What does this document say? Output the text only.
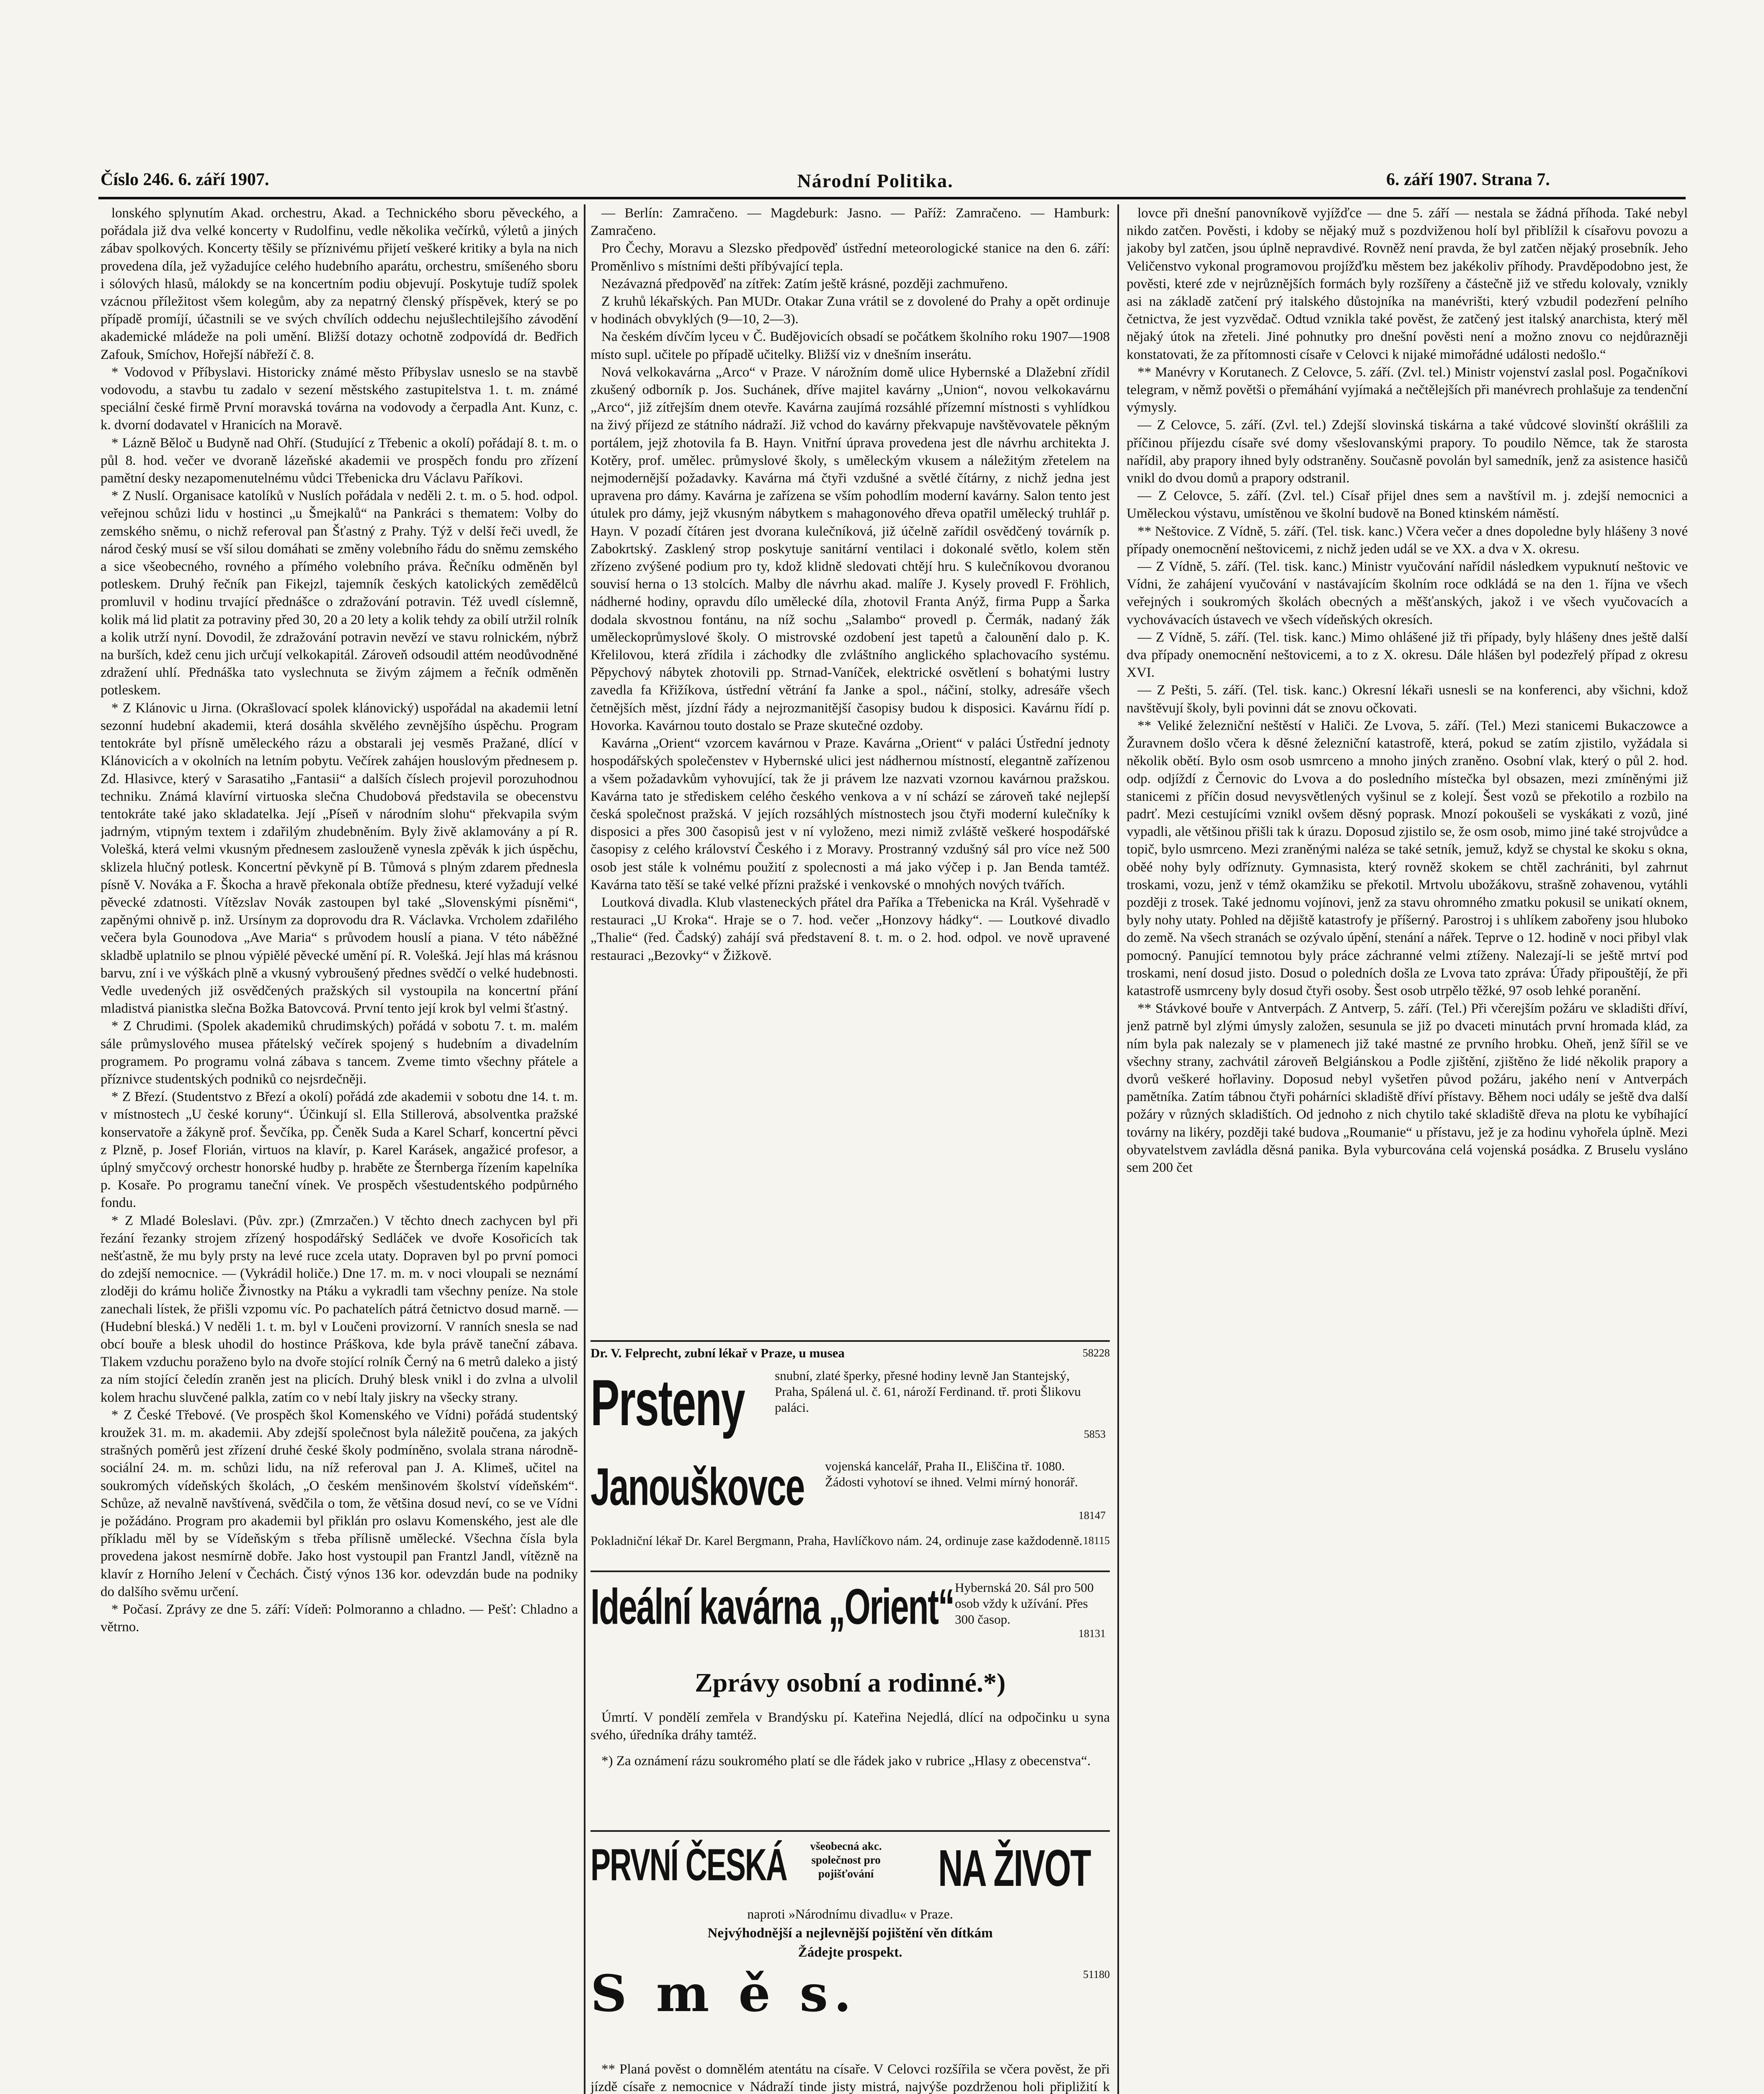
Číslo 246. 6. září 1907.	Národní Politika.	6. září 1907. Strana 7.

lonského splynutím Akad. orchestru, Akad. a Technického sboru pěveckého, a pořádala již dva velké koncerty v Rudolfinu, vedle několika večírků, výletů a jiných zábav spolkových. Koncerty těšily se příznivému přijetí veškeré kritiky a byla na nich provedena díla, jež vyžadujíce celého hudebního aparátu, orchestru, smíšeného sboru i sólových hlasů, málokdy se na koncertním podiu objevují. Poskytuje tudíž spolek vzácnou příležitost všem kolegům, aby za nepatrný členský příspěvek, který se po případě promíjí, účastnili se ve svých chvílích oddechu nejušlechtilejšího závodění akademické mládeže na poli umění. Bližší dotazy ochotně zodpovídá dr. Bedřich Zafouk, Smíchov, Hořejší nábřeží č. 8.

* Vodovod v Příbyslavi. Historicky známé město Příbyslav usneslo se na stavbě vodovodu, a stavbu tu zadalo v sezení městského zastupitelstva 1. t. m. známé speciální české firmě První moravská továrna na vodovody a čerpadla Ant. Kunz, c. k. dvorní dodavatel v Hranicích na Moravě.

* Lázně Běloč u Budyně nad Ohří. (Studující z Třebenic a okolí) pořádají 8. t. m. o půl 8. hod. večer ve dvoraně lázeňské akademii ve prospěch fondu pro zřízení pamětní desky nezapomenutelnému vůdci Třebenicka dru Václavu Paříkovi.

* Z Nuslí. Organisace katolíků v Nuslích pořádala v neděli 2. t. m. o 5. hod. odpol. veřejnou schůzi lidu v hostinci „u Šmejkalů“ na Pankráci s thematem: Volby do zemského sněmu, o nichž referoval pan Šťastný z Prahy. Týž v delší řeči uvedl, že národ český musí se vší silou domáhati se změny volebního řádu do sněmu zemského a sice všeobecného, rovného a přímého volebního práva. Řečníku odměněn byl potleskem. Druhý řečník pan Fikejzl, tajemník českých katolických zemědělců promluvil v hodinu trvající přednášce o zdražování potravin. Též uvedl císlemně, kolik má lid platit za potraviny před 30, 20 a 20 lety a kolik tehdy za obilí utržil rolník a kolik utrží nyní. Dovodil, že zdražování potravin nevězí ve stavu rolnickém, nýbrž na burších, kdež cenu jich určují velkokapitál. Zároveň odsoudil attém neodůvodněné zdražení uhlí. Přednáška tato vyslechnuta se živým zájmem a řečník odměněn potleskem.

* Z Klánovic u Jirna. (Okrašlovací spolek klánovický) uspořádal na akademii letní sezonní hudební akademii, která dosáhla skvělého zevnějšího úspěchu. Program tentokráte byl přísně uměleckého rázu a obstarali jej vesměs Pražané, dlící v Klánovicích a v okolních na letním pobytu. Večírek zahájen houslovým přednesem p. Zd. Hlasivce, který v Sarasatiho „Fantasii“ a dalších číslech projevil porozuhodnou techniku. Známá klavírní virtuoska slečna Chudobová představila se obecenstvu tentokráte také jako skladatelka. Její „Píseň v národním slohu“ překvapila svým jadrným, vtipným textem i zdařilým zhudebněním. Byly živě aklamovány a pí R. Volešká, která velmi vkusným přednesem zaslouženě vynesla zpěvák k jich úspěchu, sklizela hlučný potlesk. Koncertní pěvkyně pí B. Tůmová s plným zdarem přednesla písně V. Nováka a F. Škocha a hravě překonala obtíže přednesu, které vyžadují velké pěvecké zdatnosti. Vítězslav Novák zastoupen byl také „Slovenskými písněmi“, zapěnými ohnivě p. inž. Ursínym za doprovodu dra R. Václavka. Vrcholem zdařilého večera byla Gounodova „Ave Maria“ s průvodem houslí a piana. V této náběžné skladbě uplatnilo se plnou výpiělé pěvecké umění pí. R. Volešká. Její hlas má krásnou barvu, zní i ve výškách plně a vkusný vybroušený přednes svědčí o velké hudebnosti. Vedle uvedených již osvědčených pražských sil vystoupila na koncertní přání mladistvá pianistka slečna Božka Batovcová. První tento její krok byl velmi šťastný.

* Z Chrudimi. (Spolek akademiků chrudimských) pořádá v sobotu 7. t. m. malém sále průmyslového musea přátelský večírek spojený s hudebním a divadelním programem. Po programu volná zábava s tancem. Zveme timto všechny přátele a příznivce studentských podniků co nejsrdečněji.

* Z Březí. (Studentstvo z Březí a okolí) pořádá zde akademii v sobotu dne 14. t. m. v místnostech „U české koruny“. Účinkují sl. Ella Stillerová, absolventka pražské konservatoře a žákyně prof. Ševčíka, pp. Čeněk Suda a Karel Scharf, koncertní pěvci z Plzně, p. Josef Florián, virtuos na klavír, p. Karel Karásek, angažicé profesor, a úplný smyčcový orchestr honorské hudby p. hraběte ze Šternberga řízením kapelníka p. Kosaře. Po programu taneční vínek. Ve prospěch všestudentského podpůrného fondu.

* Z Mladé Boleslavi. (Pův. zpr.) (Zmrzačen.) V těchto dnech zachycen byl při řezání řezanky strojem zřízený hospodářský Sedláček ve dvoře Kosořicích tak nešťastně, že mu byly prsty na levé ruce zcela utaty. Dopraven byl po první pomoci do zdejší nemocnice. — (Vykrádil holiče.) Dne 17. m. m. v noci vloupali se neznámí zloději do krámu holiče Živnostky na Ptáku a vykradli tam všechny peníze. Na stole zanechali lístek, že přišli vzpomu víc. Po pachatelích pátrá četnictvo dosud marně. — (Hudební bleská.) V neděli 1. t. m. byl v Loučeni provizorní. V ranních snesla se nad obcí bouře a blesk uhodil do hostince Práškova, kde byla právě taneční zábava. Tlakem vzduchu poraženo bylo na dvoře stojící rolník Černý na 6 metrů daleko a jistý za ním stojící čeledín zraněn jest na plicích. Druhý blesk vnikl i do zvlna a ulvolil kolem hrachu sluvčené palkla, zatím co v nebí ltaly jiskry na všecky strany.

* Z České Třebové. (Ve prospěch škol Komenského ve Vídni) pořádá studentský kroužek 31. m. m. akademii. Aby zdejší společnost byla náležitě poučena, za jakých strašných poměrů jest zřízení druhé české školy podmíněno, svolala strana národně-sociální 24. m. m. schůzi lidu, na níž referoval pan J. A. Klimeš, učitel na soukromých vídeňských školách, „O českém menšinovém školství vídeňském“. Schůze, až nevalně navštívená, svědčila o tom, že většina dosud neví, co se ve Vídni je požádáno. Program pro akademii byl přiklán pro oslavu Komenského, jest ale dle příkladu měl by se Vídeňským s třeba přílisně umělecké. Všechna čísla byla provedena jakost nesmírně dobře. Jako host vystoupil pan Frantzl Jandl, vítězně na klavír z Horního Jelení v Čechách. Čistý výnos 136 kor. odevzdán bude na podniky do dalšího svěmu určení.

* Počasí. Zprávy ze dne 5. září: Vídeň: Polmoranno a chladno. — Pešť: Chladno a větrno.

— Berlín: Zamračeno. — Magdeburk: Jasno. — Paříž: Zamračeno. — Hamburk: Zamračeno.

Pro Čechy, Moravu a Slezsko předpověď ústřední meteorologické stanice na den 6. září: Proměnlivo s místními dešti příbývající tepla.

Nezávazná předpověď na zítřek: Zatím ještě krásné, později zachmuřeno.

Z kruhů lékařských. Pan MUDr. Otakar Zuna vrátil se z dovolené do Prahy a opět ordinuje v hodinách obvyklých (9—10, 2—3).

Na českém dívčím lyceu v Č. Budějovicích obsadí se počátkem školního roku 1907—1908 místo supl. učitele po případě učitelky. Bližší viz v dnešním inserátu.

Nová velkokavárna „Arco“ v Praze. V nárožním domě ulice Hybernské a Dlažební zřídil zkušený odborník p. Jos. Suchánek, dříve majitel kavárny „Union“, novou velkokavárnu „Arco“, již zítřejším dnem otevře. Kavárna zaujímá rozsáhlé přízemní místnosti s vyhlídkou na živý příjezd ze státního nádraží. Již vchod do kavárny překvapuje navštěvovatele pěkným portálem, jejž zhotovila fa B. Hayn. Vnitřní úprava provedena jest dle návrhu architekta J. Kotěry, prof. umělec. průmyslové školy, s uměleckým vkusem a náležitým zřetelem na nejmodernější požadavky. Kavárna má čtyři vzdušné a světlé čítárny, z nichž jedna jest upravena pro dámy. Kavárna je zařízena se vším pohodlím moderní kavárny. Salon tento jest útulek pro dámy, jejž vkusným nábytkem s mahagonového dřeva opatřil umělecký truhlář p. Hayn. V pozadí čítáren jest dvorana kulečníková, již účelně zařídil osvědčený továrník p. Zabokrtský. Zasklený strop poskytuje sanitární ventilaci i dokonalé světlo, kolem stěn zřízeno zvýšené podium pro ty, kdož klidně sledovati chtějí hru. S kulečníkovou dvoranou souvisí herna o 13 stolcích. Malby dle návrhu akad. malíře J. Kysely provedl F. Fröhlich, nádherné hodiny, opravdu dílo umělecké díla, zhotovil Franta Anýž, firma Pupp a Šarka dodala skvostnou fontánu, na níž sochu „Salambo“ provedl p. Čermák, nadaný žák uměleckoprůmyslové školy. O mistrovské ozdobení jest tapetů a čalounění dalo p. K. Křelilovou, která zřídila i záchodky dle zvláštního anglického splachovacího systému. Pěpychový nábytek zhotovili pp. Strnad-Vaníček, elektrické osvětlení s bohatými lustry zavedla fa Křižíkova, ústřední větrání fa Janke a spol., náčiní, stolky, adresáře všech četnějších měst, jízdní řády a nejrozmanitější časopisy budou k disposici. Kavárnu řídí p. Hovorka. Kavárnou touto dostalo se Praze skutečné ozdoby.

Kavárna „Orient“ vzorcem kavárnou v Praze. Kavárna „Orient“ v paláci Ústřední jednoty hospodářských společenstev v Hybernské ulici jest nádhernou místností, elegantně zařízenou a všem požadavkům vyhovující, tak že ji právem lze nazvati vzornou kavárnou pražskou. Kavárna tato je střediskem celého českého venkova a v ní schází se zároveň také nejlepší česká společnost pražská. V jejích rozsáhlých místnostech jsou čtyři moderní kulečníky k disposici a přes 300 časopisů jest v ní vyloženo, mezi nimiž zvláště veškeré hospodářské časopisy z celého království Českého i z Moravy. Prostranný vzdušný sál pro více než 500 osob jest stále k volnému použití z spolecnosti a má jako výčep i p. Jan Benda tamtéž. Kavárna tato těší se také velké přízni pražské i venkovské o mnohých nových tvářích.

Loutková divadla. Klub vlasteneckých přátel dra Paříka a Třebenicka na Král. Vyšehradě v restauraci „U Kroka“. Hraje se o 7. hod. večer „Honzovy hádky“. — Loutkové divadlo „Thalie“ (řed. Čadský) zahájí svá představení 8. t. m. o 2. hod. odpol. ve nově upravené restauraci „Bezovky“ v Žižkově.

Dr. V. Felprecht, zubní lékař v Praze, u musea	58228
Prsteny snubní, zlaté šperky, přesné hodiny levně Jan Stantejský, Praha, Spálená ul. č. 61, nároží Ferdinand. tř. proti Šlikovu paláci.
5853
Janouškovce vojenská kancelář, Praha II., Eliščina tř. 1080. Žádosti vyhotoví se ihned. Velmi mírný honorář.
18147
Pokladniční lékař Dr. Karel Bergmann, Praha, Havlíčkovo nám. 24, ordinuje zase každodenně. 18115
Ideální kavárna „Orient“ Hybernská 20. Sál pro 500 osob vždy k užívání. Přes 300 časop.
18131
Zprávy osobní a rodinné.*)

Úmrtí. V pondělí zemřela v Brandýsku pí. Kateřina Nejedlá, dlící na odpočinku u syna svého, úředníka dráhy tamtéž.

*) Za oznámení rázu soukromého platí se dle řádek jako v rubrice „Hlasy z obecenstva“.

PRVNÍ ČESKÁ	všeobecná akc. společnost pro pojišťování	NA ŽIVOT
naproti »Národnímu divadlu« v Praze.
Nejvýhodnější a nejlevnější pojištění věn dítkám
Žádejte prospekt.
51180
S m ě s.

** Planá pověst o domnělém atentátu na císaře. V Celovci rozšířila se včera pověst, že při jízdě císaře z nemocnice v Nádraží tinde jisty mistrá, najvýše pozdrženou holi připližití k

lovce při dnešní panovníkově vyjížďce — dne 5. září — nestala se žádná příhoda. Také nebyl nikdo zatčen. Pověsti, i kdoby se nějaký muž s pozdviženou holí byl přiblížil k císařovu povozu a jakoby byl zatčen, jsou úplně nepravdivé. Rovněž není pravda, že byl zatčen nějaký prosebník. Jeho Veličenstvo vykonal programovou projížďku městem bez jakékoliv příhody. Pravděpodobno jest, že pověsti, které zde v nejrůznějších formách byly rozšířeny a částečně již ve středu kolovaly, vznikly asi na základě zatčení prý italského důstojníka na manévrišti, který vzbudil podezření pelního četnictva, že jest vyzvědač. Odtud vznikla také pověst, že zatčený jest italský anarchista, který měl nějaký útok na zřeteli. Jiné pohnutky pro dnešní pověsti není a možno znovu co nejdůrazněji konstatovati, že za přítomnosti císaře v Celovci k nijaké mimořádné události nedošlo.“

** Manévry v Korutanech. Z Celovce, 5. září. (Zvl. tel.) Ministr vojenství zaslal posl. Pogačníkovi telegram, v němž povětši o přemáhání vyjímaká a nečtělejších při manévrech prohlašuje za tendenční výmysly.

— Z Celovce, 5. září. (Zvl. tel.) Zdejší slovinská tiskárna a také vůdcové slovinští okrášlili za příčinou příjezdu císaře své domy všeslovanskými prapory. To poudilo Němce, tak že starosta nařídil, aby prapory ihned byly odstraněny. Současně povolán byl samedník, jenž za asistence hasičů vnikl do dvou domů a prapory odstranil.

— Z Celovce, 5. září. (Zvl. tel.) Císař přijel dnes sem a navštívil m. j. zdejší nemocnici a Uměleckou výstavu, umístěnou ve školní budově na Boned ktinském náměstí.

** Neštovice. Z Vídně, 5. září. (Tel. tisk. kanc.) Včera večer a dnes dopoledne byly hlášeny 3 nové případy onemocnění neštovicemi, z nichž jeden udál se ve XX. a dva v X. okresu.

— Z Vídně, 5. září. (Tel. tisk. kanc.) Ministr vyučování nařídil následkem vypuknutí neštovic ve Vídni, že zahájení vyučování v nastávajícím školním roce odkládá se na den 1. října ve všech veřejných i soukromých školách obecných a měšťanských, jakož i ve všech vyučovacích a vychovávacích ústavech ve všech vídeňských okresích.

— Z Vídně, 5. září. (Tel. tisk. kanc.) Mimo ohlášené již tři případy, byly hlášeny dnes ještě další dva případy onemocnění neštovicemi, a to z X. okresu. Dále hlášen byl podezřelý případ z okresu XVI.

— Z Pešti, 5. září. (Tel. tisk. kanc.) Okresní lékaři usnesli se na konferenci, aby všichni, kdož navštěvují školy, byli povinni dát se znovu očkovati.

** Veliké železniční neštěstí v Haliči. Ze Lvova, 5. září. (Tel.) Mezi stanicemi Bukaczowce a Žuravnem došlo včera k děsné železniční katastrofě, která, pokud se zatím zjistilo, vyžádala si několik obětí. Bylo osm osob usmrceno a mnoho jiných zraněno. Osobní vlak, který o půl 2. hod. odp. odjíždí z Černovic do Lvova a do posledního místečka byl obsazen, mezi zmíněnými již stanicemi z příčin dosud nevysvětlených vyšinul se z kolejí. Šest vozů se překotilo a rozbilo na padrť. Mezi cestujícími vznikl ovšem děsný poprask. Mnozí pokoušeli se vyskákati z vozů, jiné vypadli, ale většinou přišli tak k úrazu. Doposud zjistilo se, že osm osob, mimo jiné také strojvůdce a topič, bylo usmrceno. Mezi zraněnými naléza se také setník, jemuž, když se chystal ke skoku s okna, oběé nohy byly odříznuty. Gymnasista, který rovněž skokem se chtěl zachrániti, byl zahrnut troskami, vozu, jenž v témž okamžiku se překotil. Mrtvolu ubožákovu, strašně zohavenou, vytáhli později z trosek. Také jednomu vojínovi, jenž za stavu ohromného zmatku pokusil se unikatí oknem, byly nohy utaty. Pohled na dějiště katastrofy je příšerný. Parostroj i s uhlíkem zabořeny jsou hluboko do země. Na všech stranách se ozývalo úpění, stenání a nářek. Teprve o 12. hodině v noci přibyl vlak pomocný. Panující temnotou byly práce záchranné velmi ztíženy. Nalezají-li se ještě mrtví pod troskami, není dosud jisto. Dosud o poledních došla ze Lvova tato zpráva: Úřady připouštějí, že při katastrofě usmrceny byly dosud čtyři osoby. Šest osob utrpělo těžké, 97 osob lehké poranění.

** Stávkové bouře v Antverpách. Z Antverp, 5. září. (Tel.) Při včerejším požáru ve skladišti dříví, jenž patrně byl zlými úmysly založen, sesunula se již po dvaceti minutách první hromada klád, za ním byla pak nalezaly se v plamenech již také mastné ze prvního hrobku. Oheň, jenž šířil se ve všechny strany, zachvátil zároveň Belgiánskou a Podle zjištění, zjištěno že lidé několik prapory a dvorů veškeré hořlaviny. Doposud nebyl vyšetřen původ požáru, jakého není v Antverpách pamětníka. Zatím tábnou čtyři pohárníci skladiště dříví přístavy. Během noci udály se ještě dva další požáry v různých skladištích. Od jednoho z nich chytilo také skladiště dřeva na plotu ke vybíhající továrny na likéry, později také budova „Roumanie“ u přístavu, jež je za hodinu vyhořela úplně. Mezi obyvatelstvem zavládla děsná panika. Byla vyburcována celá vojenská posádka. Z Bruselu vysláno sem 200 čet
